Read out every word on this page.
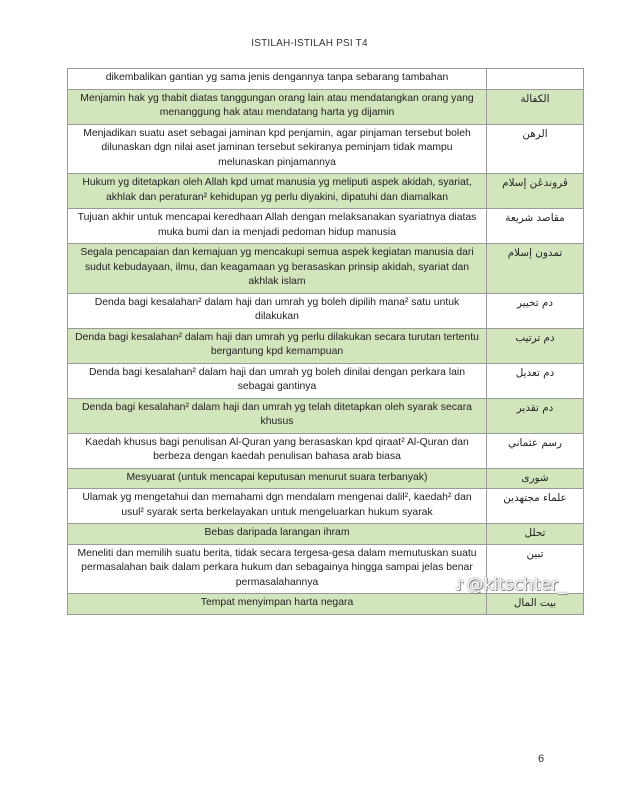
ISTILAH-ISTILAH PSI T4
dikembalikan gantian yg sama jenis dengannya tanpa sebarang tambahan	
Menjamin hak yg thabit diatas tanggungan orang lain atau mendatangkan orang yang menanggung hak atau mendatang harta yg dijamin	الكفالة
Menjadikan suatu aset sebagai jaminan kpd penjamin, agar pinjaman tersebut boleh dilunaskan dgn nilai aset jaminan tersebut sekiranya peminjam tidak mampu melunaskan pinjamannya	الرهن
Hukum yg ditetapkan oleh Allah kpd umat manusia yg meliputi aspek akidah, syariat, akhlak dan peraturan² kehidupan yg perlu diyakini, dipatuhi dan diamalkan	ڤروندڠن إسلام
Tujuan akhir untuk mencapai keredhaan Allah dengan melaksanakan syariatnya diatas muka bumi dan ia menjadi pedoman hidup manusia	مقاصد شريعة
Segala pencapaian dan kemajuan yg mencakupi semua aspek kegiatan manusia dari sudut kebudayaan, ilmu, dan keagamaan yg berasaskan prinsip akidah, syariat dan akhlak islam	تمدون إسلام
Denda bagi kesalahan² dalam haji dan umrah yg boleh dipilih mana² satu untuk dilakukan	دم تخيير
Denda bagi kesalahan² dalam haji dan umrah yg perlu dilakukan secara turutan tertentu bergantung kpd kemampuan	دم ترتيب
Denda bagi kesalahan² dalam haji dan umrah yg boleh dinilai dengan perkara lain sebagai gantinya	دم تعديل
Denda bagi kesalahan² dalam haji dan umrah yg telah ditetapkan oleh syarak secara khusus	دم تقدير
Kaedah khusus bagi penulisan Al-Quran yang berasaskan kpd qiraat² Al-Quran dan berbeza dengan kaedah penulisan bahasa arab biasa	رسم عثماني
Mesyuarat (untuk mencapai keputusan menurut suara terbanyak)	شورى
Ulamak yg mengetahui dan memahami dgn mendalam mengenai dalil², kaedah² dan usul² syarak serta berkelayakan untuk mengeluarkan hukum syarak	علماء مجتهدين
Bebas daripada larangan ihram	تحلل
Meneliti dan memilih suatu berita, tidak secara tergesa-gesa dalam memutuskan suatu permasalahan baik dalam perkara hukum dan sebagainya hingga sampai jelas benar permasalahannya	تبين
Tempat menyimpan harta negara	بيت المال
♪ @kitschter_
6
